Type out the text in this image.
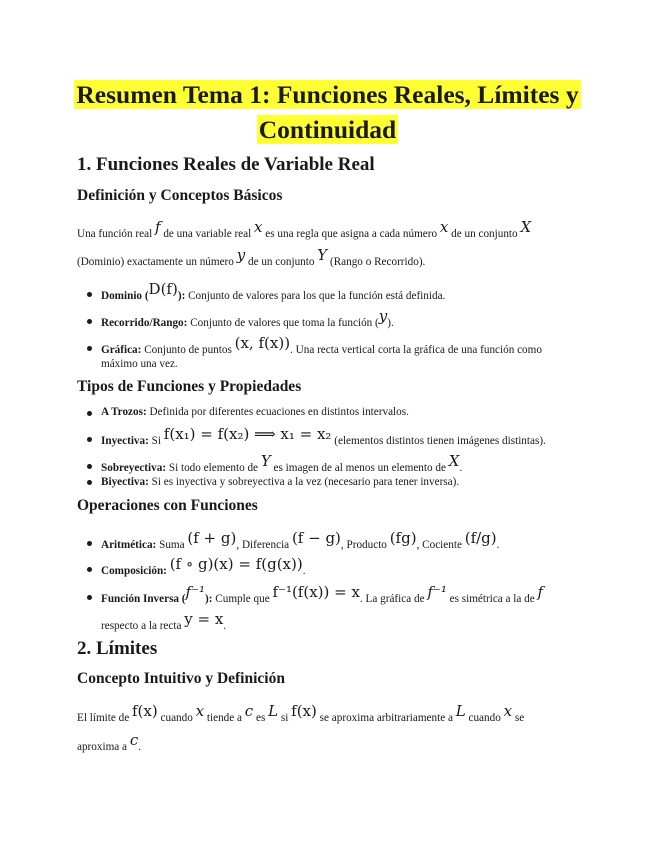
Resumen Tema 1: Funciones Reales, Límites y
Continuidad
1. Funciones Reales de Variable Real
Definición y Conceptos Básicos
Una función real f de una variable real x es una regla que asigna a cada número x de un conjunto X
(Dominio) exactamente un número y de un conjunto Y (Rango o Recorrido).
Dominio (D(f)): Conjunto de valores para los que la función está definida.
Recorrido/Rango: Conjunto de valores que toma la función (y).
Gráfica: Conjunto de puntos (x, f(x)). Una recta vertical corta la gráfica de una función como
máximo una vez.
Tipos de Funciones y Propiedades
A Trozos: Definida por diferentes ecuaciones en distintos intervalos.
Inyectiva: Si f(x₁) = f(x₂) ⟹ x₁ = x₂ (elementos distintos tienen imágenes distintas).
Sobreyectiva: Si todo elemento de Y es imagen de al menos un elemento de X.
Biyectiva: Si es inyectiva y sobreyectiva a la vez (necesario para tener inversa).
Operaciones con Funciones
Aritmética: Suma (f + g), Diferencia (f − g), Producto (fg), Cociente (f/g).
Composición: (f ∘ g)(x) = f(g(x)).
Función Inversa (f⁻¹): Cumple que f⁻¹(f(x)) = x. La gráfica de f⁻¹ es simétrica a la de f
respecto a la recta y = x.
2. Límites
Concepto Intuitivo y Definición
El límite de f(x) cuando x tiende a c es L si f(x) se aproxima arbitrariamente a L cuando x se
aproxima a c.
